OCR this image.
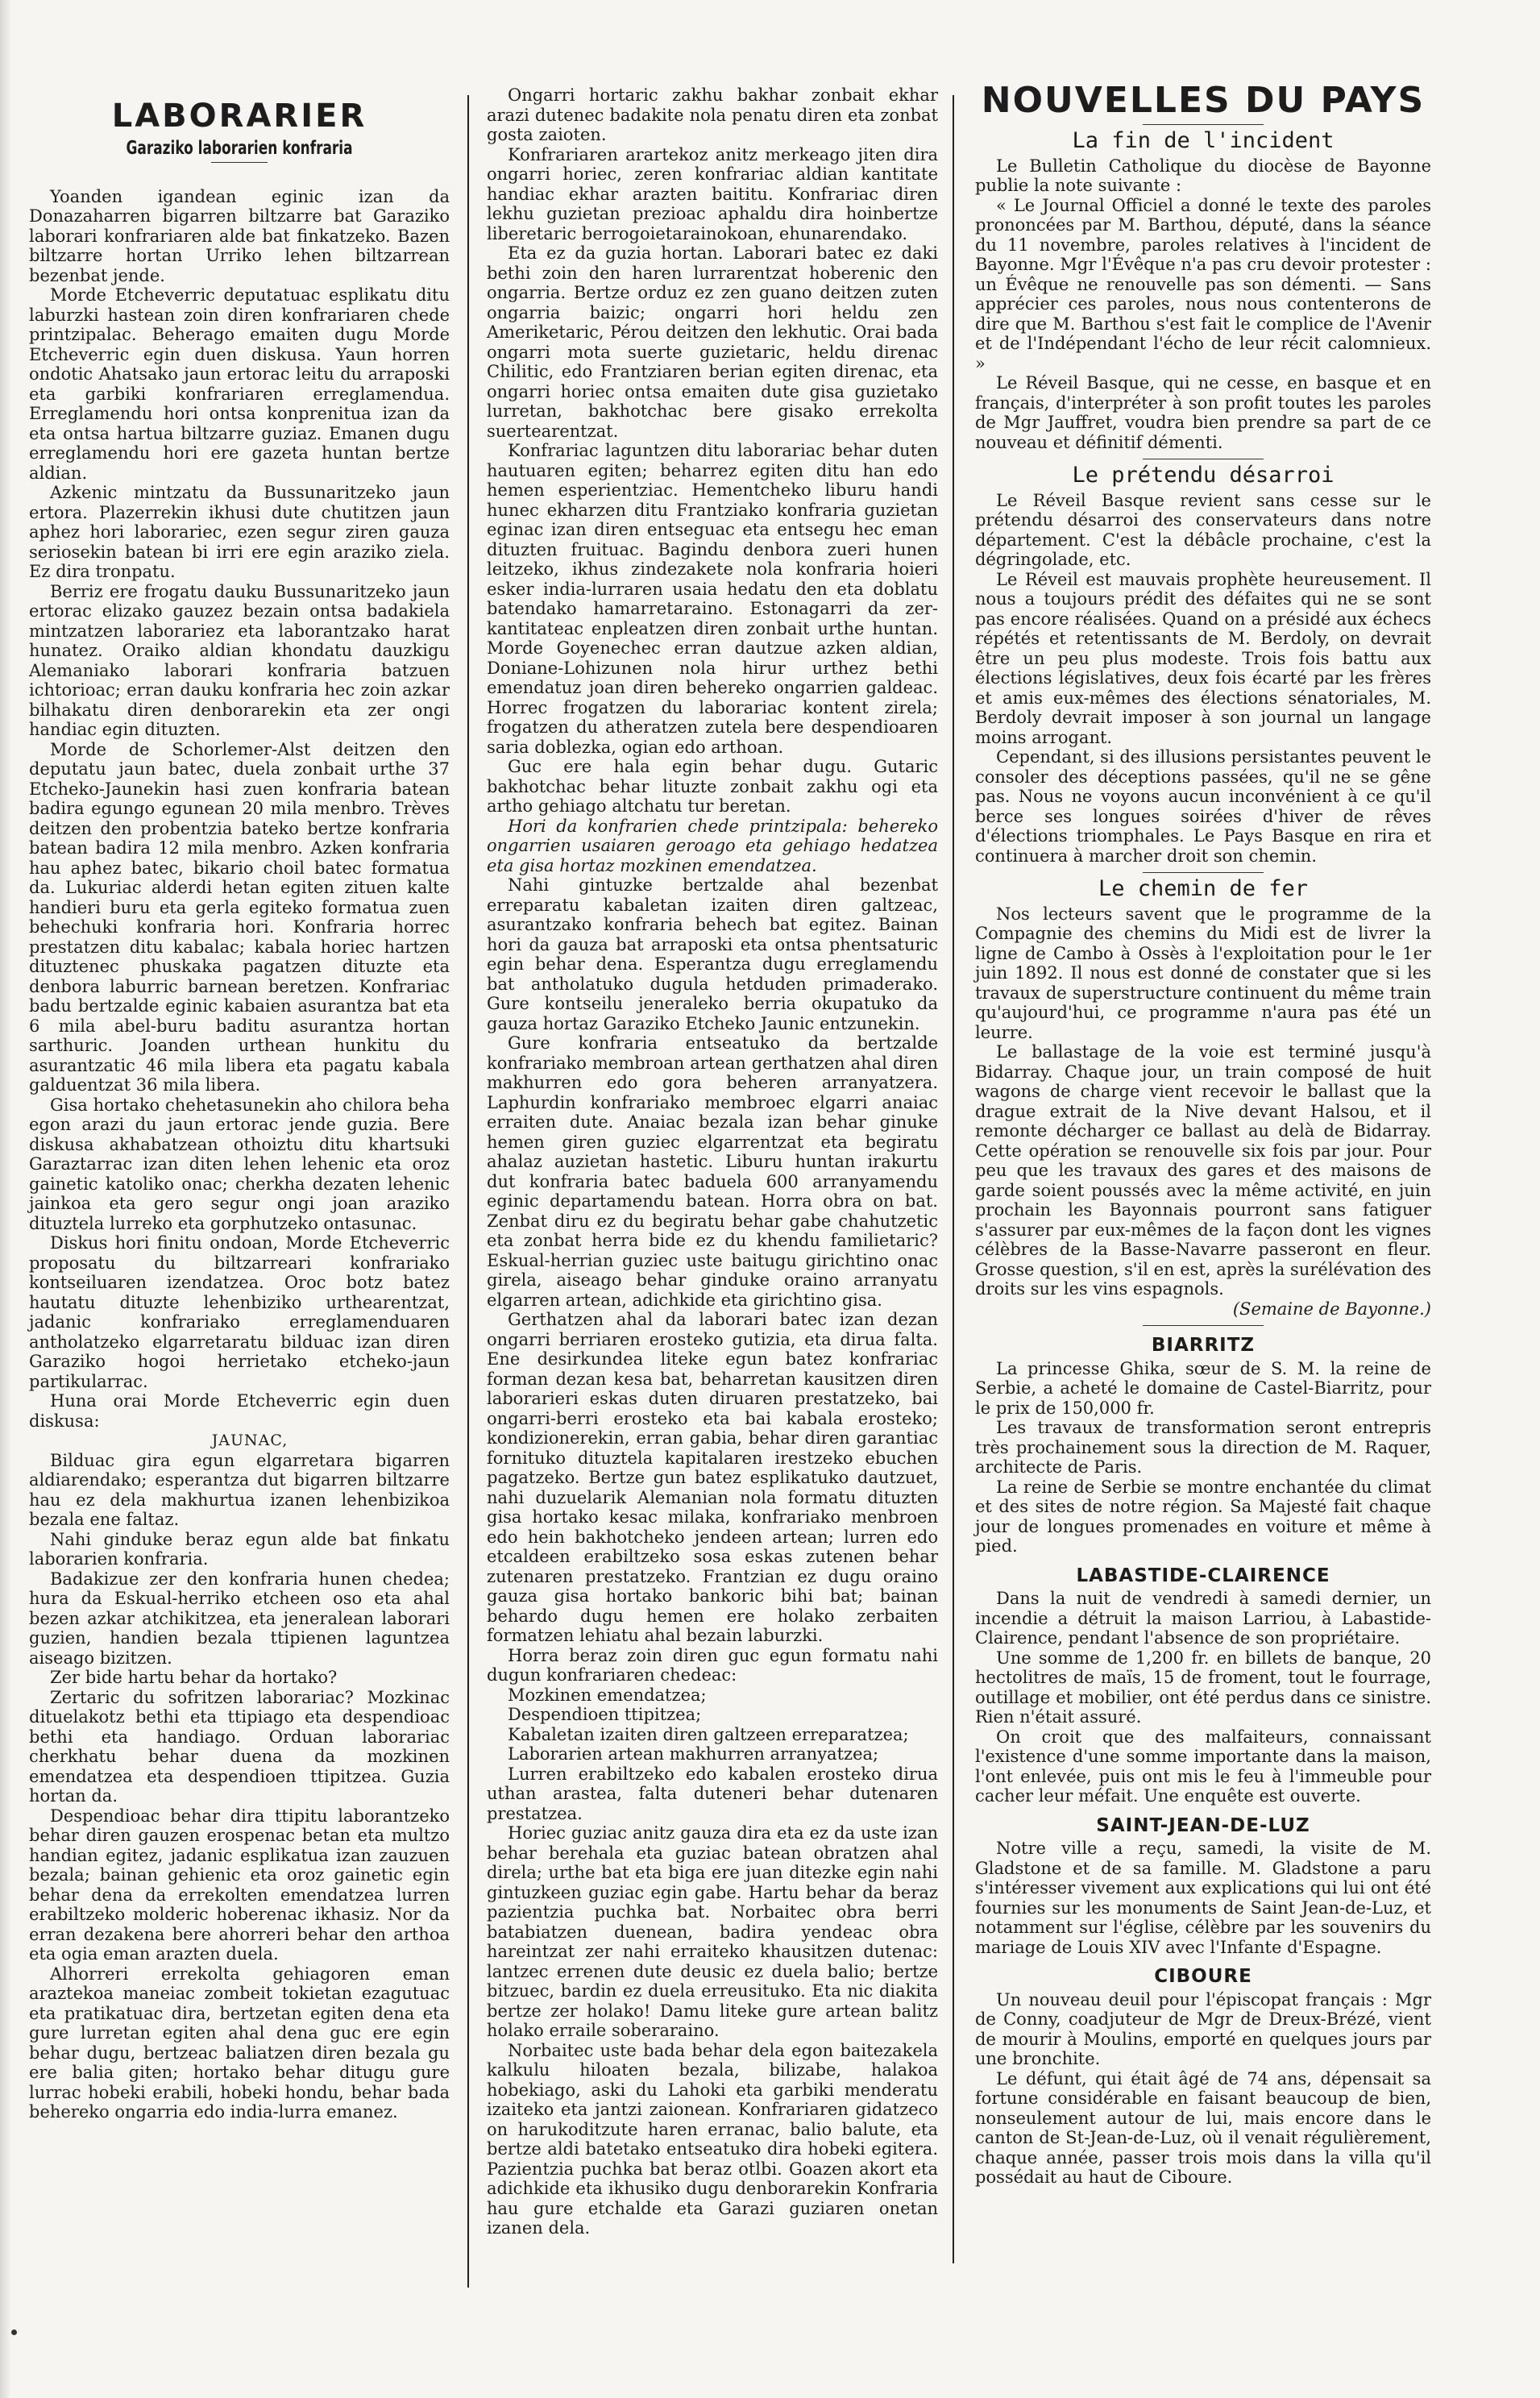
LABORARIER
Garaziko laborarien konfraria

Yoanden igandean eginic izan da Donazaharren bigarren biltzarre bat Garaziko laborari konfrariaren alde bat finkatzeko. Bazen biltzarre hortan Urriko lehen biltzarrean bezenbat jende.

Morde Etcheverric deputatuac esplikatu ditu laburzki hastean zoin diren konfrariaren chede printzipalac. Beherago emaiten dugu Morde Etcheverric egin duen diskusa. Yaun horren ondotic Ahatsako jaun ertorac leitu du arraposki eta garbiki konfrariaren erreglamendua. Erreglamendu hori ontsa konprenitua izan da eta ontsa hartua biltzarre guziaz. Emanen dugu erreglamendu hori ere gazeta huntan bertze aldian.

Azkenic mintzatu da Bussunaritzeko jaun ertora. Plazerrekin ikhusi dute chutitzen jaun aphez hori laborariec, ezen segur ziren gauza seriosekin batean bi irri ere egin araziko ziela. Ez dira tronpatu.

Berriz ere frogatu dauku Bussunaritzeko jaun ertorac elizako gauzez bezain ontsa badakiela mintzatzen laborariez eta laborantzako harat hunatez. Oraiko aldian khondatu dauzkigu Alemaniako laborari konfraria batzuen ichtorioac; erran dauku konfraria hec zoin azkar bilhakatu diren denborarekin eta zer ongi handiac egin dituzten.

Morde de Schorlemer-Alst deitzen den deputatu jaun batec, duela zonbait urthe 37 Etcheko-Jaunekin hasi zuen konfraria batean badira egungo egunean 20 mila menbro. Trèves deitzen den probentzia bateko bertze konfraria batean badira 12 mila menbro. Azken konfraria hau aphez batec, bikario choil batec formatua da. Lukuriac alderdi hetan egiten zituen kalte handieri buru eta gerla egiteko formatua zuen behechuki konfraria hori. Konfraria horrec prestatzen ditu kabalac; kabala horiec hartzen dituztenec phuskaka pagatzen dituzte eta denbora laburric barnean beretzen. Konfrariac badu bertzalde eginic kabaien asurantza bat eta 6 mila abel-buru baditu asurantza hortan sarthuric. Joanden urthean hunkitu du asurantzatic 46 mila libera eta pagatu kabala galduentzat 36 mila libera.

Gisa hortako chehetasunekin aho chilora beha egon arazi du jaun ertorac jende guzia. Bere diskusa akhabatzean othoiztu ditu khartsuki Garaztarrac izan diten lehen lehenic eta oroz gainetic katoliko onac; cherkha dezaten lehenic jainkoa eta gero segur ongi joan araziko dituztela lurreko eta gorphutzeko ontasunac.

Diskus hori finitu ondoan, Morde Etcheverric proposatu du biltzarreari konfrariako kontseiluaren izendatzea. Oroc botz batez hautatu dituzte lehenbiziko urthearentzat, jadanic konfrariako erreglamenduaren antholatzeko elgarretaratu bilduac izan diren Garaziko hogoi herrietako etcheko-jaun partikularrac.

Huna orai Morde Etcheverric egin duen diskusa:

JAUNAC,

Bilduac gira egun elgarretara bigarren aldiarendako; esperantza dut bigarren biltzarre hau ez dela makhurtua izanen lehenbizikoa bezala ene faltaz.

Nahi ginduke beraz egun alde bat finkatu laborarien konfraria.

Badakizue zer den konfraria hunen chedea; hura da Eskual-herriko etcheen oso eta ahal bezen azkar atchikitzea, eta jeneralean laborari guzien, handien bezala ttipienen laguntzea aiseago bizitzen.

Zer bide hartu behar da hortako?

Zertaric du sofritzen laborariac? Mozkinac dituelakotz bethi eta ttipiago eta despendioac bethi eta handiago. Orduan laborariac cherkhatu behar duena da mozkinen emendatzea eta despendioen ttipitzea. Guzia hortan da.

Despendioac behar dira ttipitu laborantzeko behar diren gauzen erospenac betan eta multzo handian egitez, jadanic esplikatua izan zauzuen bezala; bainan gehienic eta oroz gainetic egin behar dena da errekolten emendatzea lurren erabiltzeko molderic hoberenac ikhasiz. Nor da erran dezakena bere ahorreri behar den arthoa eta ogia eman arazten duela.

Alhorreri errekolta gehiagoren eman araztekoa maneiac zombeit tokietan ezagutuac eta pratikatuac dira, bertzetan egiten dena eta gure lurretan egiten ahal dena guc ere egin behar dugu, bertzeac baliatzen diren bezala gu ere balia giten; hortako behar ditugu gure lurrac hobeki erabili, hobeki hondu, behar bada behereko ongarria edo india-lurra emanez.

Ongarri hortaric zakhu bakhar zonbait ekhar arazi dutenec badakite nola penatu diren eta zonbat gosta zaioten.

Konfrariaren arartekoz anitz merkeago jiten dira ongarri horiec, zeren konfrariac aldian kantitate handiac ekhar arazten baititu. Konfrariac diren lekhu guzietan prezioac aphaldu dira hoinbertze liberetaric berrogoietarainokoan, ehunarendako.

Eta ez da guzia hortan. Laborari batec ez daki bethi zoin den haren lurrarentzat hoberenic den ongarria. Bertze orduz ez zen guano deitzen zuten ongarria baizic; ongarri hori heldu zen Ameriketaric, Pérou deitzen den lekhutic. Orai bada ongarri mota suerte guzietaric, heldu direnac Chilitic, edo Frantziaren berian egiten direnac, eta ongarri horiec ontsa emaiten dute gisa guzietako lurretan, bakhotchac bere gisako errekolta suertearentzat.

Konfrariac laguntzen ditu laborariac behar duten hautuaren egiten; beharrez egiten ditu han edo hemen esperientziac. Hementcheko liburu handi hunec ekharzen ditu Frantziako konfraria guzietan eginac izan diren entseguac eta entsegu hec eman dituzten fruituac. Bagindu denbora zueri hunen leitzeko, ikhus zindezakete nola konfraria hoieri esker india-lurraren usaia hedatu den eta doblatu batendako hamarretaraino. Estonagarri da zer-kantitateac enpleatzen diren zonbait urthe huntan. Morde Goyenechec erran dautzue azken aldian, Doniane-Lohizunen nola hirur urthez bethi emendatuz joan diren behereko ongarrien galdeac. Horrec frogatzen du laborariac kontent zirela; frogatzen du atheratzen zutela bere despendioaren saria doblezka, ogian edo arthoan.

Guc ere hala egin behar dugu. Gutaric bakhotchac behar lituzte zonbait zakhu ogi eta artho gehiago altchatu tur beretan.

Hori da konfrarien chede printzipala: behereko ongarrien usaiaren geroago eta gehiago hedatzea eta gisa hortaz mozkinen emendatzea.

Nahi gintuzke bertzalde ahal bezenbat erreparatu kabaletan izaiten diren galtzeac, asurantzako konfraria behech bat egitez. Bainan hori da gauza bat arraposki eta ontsa phentsaturic egin behar dena. Esperantza dugu erreglamendu bat antholatuko dugula hetduden primaderako. Gure kontseilu jeneraleko berria okupatuko da gauza hortaz Garaziko Etcheko Jaunic entzunekin.

Gure konfraria entseatuko da bertzalde konfrariako membroan artean gerthatzen ahal diren makhurren edo gora beheren arranyatzera. Laphurdin konfrariako membroec elgarri anaiac erraiten dute. Anaiac bezala izan behar ginuke hemen giren guziec elgarrentzat eta begiratu ahalaz auzietan hastetic. Liburu huntan irakurtu dut konfraria batec baduela 600 arranyamendu eginic departamendu batean. Horra obra on bat. Zenbat diru ez du begiratu behar gabe chahutzetic eta zonbat herra bide ez du khendu familietaric? Eskual-herrian guziec uste baitugu girichtino onac girela, aiseago behar ginduke oraino arranyatu elgarren artean, adichkide eta girichtino gisa.

Gerthatzen ahal da laborari batec izan dezan ongarri berriaren erosteko gutizia, eta dirua falta. Ene desirkundea liteke egun batez konfrariac forman dezan kesa bat, beharretan kausitzen diren laborarieri eskas duten diruaren prestatzeko, bai ongarri-berri erosteko eta bai kabala erosteko; kondizionerekin, erran gabia, behar diren garantiac fornituko dituztela kapitalaren irestzeko ebuchen pagatzeko. Bertze gun batez esplikatuko dautzuet, nahi duzuelarik Alemanian nola formatu dituzten gisa hortako kesac milaka, konfrariako menbroen edo hein bakhotcheko jendeen artean; lurren edo etcaldeen erabiltzeko sosa eskas zutenen behar zutenaren prestatzeko. Frantzian ez dugu oraino gauza gisa hortako bankoric bihi bat; bainan behardo dugu hemen ere holako zerbaiten formatzen lehiatu ahal bezain laburzki.

Horra beraz zoin diren guc egun formatu nahi dugun konfrariaren chedeac:

Mozkinen emendatzea;

Despendioen ttipitzea;

Kabaletan izaiten diren galtzeen erreparatzea;

Laborarien artean makhurren arranyatzea;

Lurren erabiltzeko edo kabalen erosteko dirua uthan arastea, falta duteneri behar dutenaren prestatzea.

Horiec guziac anitz gauza dira eta ez da uste izan behar berehala eta guziac batean obratzen ahal direla; urthe bat eta biga ere juan ditezke egin nahi gintuzkeen guziac egin gabe. Hartu behar da beraz pazientzia puchka bat. Norbaitec obra berri batabiatzen duenean, badira yendeac obra hareintzat zer nahi erraiteko khausitzen dutenac: lantzec errenen dute deusic ez duela balio; bertze bitzuec, bardin ez duela erreusituko. Eta nic diakita bertze zer holako! Damu liteke gure artean balitz holako erraile soberaraino.

Norbaitec uste bada behar dela egon baitezakela kalkulu hiloaten bezala, bilizabe, halakoa hobekiago, aski du Lahoki eta garbiki menderatu izaiteko eta jantzi zaionean. Konfrariaren gidatzeco on harukoditzute haren erranac, balio balute, eta bertze aldi batetako entseatuko dira hobeki egitera. Pazientzia puchka bat beraz otlbi. Goazen akort eta adichkide eta ikhusiko dugu denborarekin Konfraria hau gure etchalde eta Garazi guziaren onetan izanen dela.

NOUVELLES DU PAYS
La fin de l'incident

Le Bulletin Catholique du diocèse de Bayonne publie la note suivante :

« Le Journal Officiel a donné le texte des paroles prononcées par M. Barthou, député, dans la séance du 11 novembre, paroles relatives à l'incident de Bayonne. Mgr l'Évêque n'a pas cru devoir protester : un Évêque ne renouvelle pas son démenti. — Sans apprécier ces paroles, nous nous contenterons de dire que M. Barthou s'est fait le complice de l'Avenir et de l'Indépendant l'écho de leur récit calomnieux. »

Le Réveil Basque, qui ne cesse, en basque et en français, d'interpréter à son profit toutes les paroles de Mgr Jauffret, voudra bien prendre sa part de ce nouveau et définitif démenti.

Le prétendu désarroi

Le Réveil Basque revient sans cesse sur le prétendu désarroi des conservateurs dans notre département. C'est la débâcle prochaine, c'est la dégringolade, etc.

Le Réveil est mauvais prophète heureusement. Il nous a toujours prédit des défaites qui ne se sont pas encore réalisées. Quand on a présidé aux échecs répétés et retentissants de M. Berdoly, on devrait être un peu plus modeste. Trois fois battu aux élections législatives, deux fois écarté par les frères et amis eux-mêmes des élections sénatoriales, M. Berdoly devrait imposer à son journal un langage moins arrogant.

Cependant, si des illusions persistantes peuvent le consoler des déceptions passées, qu'il ne se gêne pas. Nous ne voyons aucun inconvénient à ce qu'il berce ses longues soirées d'hiver de rêves d'élections triomphales. Le Pays Basque en rira et continuera à marcher droit son chemin.

Le chemin de fer

Nos lecteurs savent que le programme de la Compagnie des chemins du Midi est de livrer la ligne de Cambo à Ossès à l'exploitation pour le 1er juin 1892. Il nous est donné de constater que si les travaux de superstructure continuent du même train qu'aujourd'hui, ce programme n'aura pas été un leurre.

Le ballastage de la voie est terminé jusqu'à Bidarray. Chaque jour, un train composé de huit wagons de charge vient recevoir le ballast que la drague extrait de la Nive devant Halsou, et il remonte décharger ce ballast au delà de Bidarray. Cette opération se renouvelle six fois par jour. Pour peu que les travaux des gares et des maisons de garde soient poussés avec la même activité, en juin prochain les Bayonnais pourront sans fatiguer s'assurer par eux-mêmes de la façon dont les vignes célèbres de la Basse-Navarre passeront en fleur. Grosse question, s'il en est, après la surélévation des droits sur les vins espagnols.

(Semaine de Bayonne.)

BIARRITZ

La princesse Ghika, sœur de S. M. la reine de Serbie, a acheté le domaine de Castel-Biarritz, pour le prix de 150,000 fr.

Les travaux de transformation seront entrepris très prochainement sous la direction de M. Raquer, architecte de Paris.

La reine de Serbie se montre enchantée du climat et des sites de notre région. Sa Majesté fait chaque jour de longues promenades en voiture et même à pied.

LABASTIDE-CLAIRENCE

Dans la nuit de vendredi à samedi dernier, un incendie a détruit la maison Larriou, à Labastide-Clairence, pendant l'absence de son propriétaire.

Une somme de 1,200 fr. en billets de banque, 20 hectolitres de maïs, 15 de froment, tout le fourrage, outillage et mobilier, ont été perdus dans ce sinistre. Rien n'était assuré.

On croit que des malfaiteurs, connaissant l'existence d'une somme importante dans la maison, l'ont enlevée, puis ont mis le feu à l'immeuble pour cacher leur méfait. Une enquête est ouverte.

SAINT-JEAN-DE-LUZ

Notre ville a reçu, samedi, la visite de M. Gladstone et de sa famille. M. Gladstone a paru s'intéresser vivement aux explications qui lui ont été fournies sur les monuments de Saint Jean-de-Luz, et notamment sur l'église, célèbre par les souvenirs du mariage de Louis XIV avec l'Infante d'Espagne.

CIBOURE

Un nouveau deuil pour l'épiscopat français : Mgr de Conny, coadjuteur de Mgr de Dreux-Brézé, vient de mourir à Moulins, emporté en quelques jours par une bronchite.

Le défunt, qui était âgé de 74 ans, dépensait sa fortune considérable en faisant beaucoup de bien, nonseulement autour de lui, mais encore dans le canton de St-Jean-de-Luz, où il venait régulièrement, chaque année, passer trois mois dans la villa qu'il possédait au haut de Ciboure.
